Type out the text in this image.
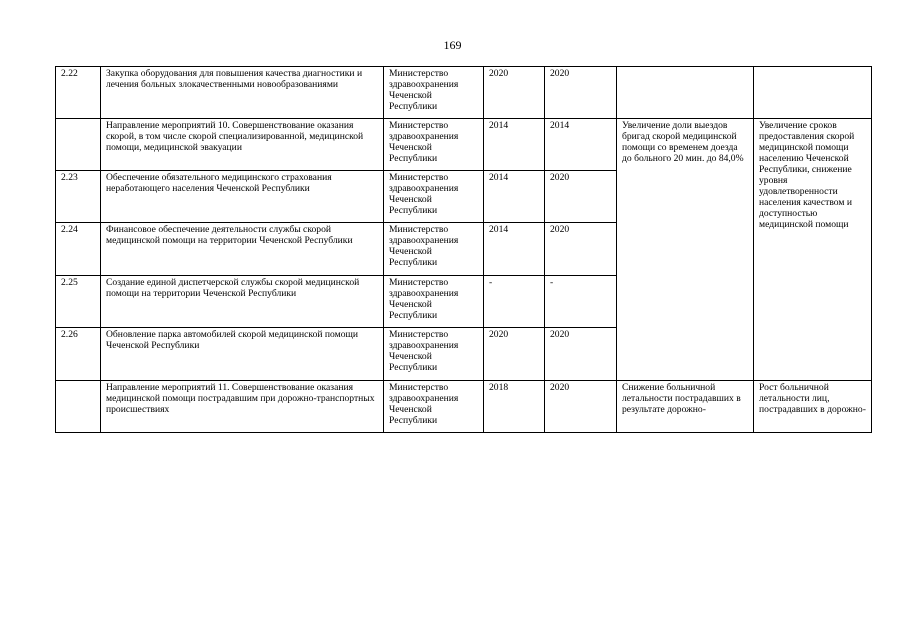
169
2.22	Закупка оборудования для повышения качества диагностики и лечения больных злокачественными новообразованиями	Министерство здравоохранения Чеченской Республики	2020	2020		
	Направление мероприятий 10. Совершенствование оказания скорой, в том числе скорой специализированной, медицинской помощи, медицинской эвакуации	Министерство здравоохранения Чеченской Республики	2014	2014	Увеличение доли выездов бригад скорой медицинской помощи со временем доезда до больного 20 мин. до 84,0%	Увеличение сроков предоставления скорой медицинской помощи населению Чеченской Республики, снижение уровня удовлетворенности населения качеством и доступностью медицинской помощи
2.23	Обеспечение обязательного медицинского страхования неработающего населения Чеченской Республики	Министерство здравоохранения Чеченской Республики	2014	2020		
2.24	Финансовое обеспечение деятельности службы скорой медицинской помощи на территории Чеченской Республики	Министерство здравоохранения Чеченской Республики	2014	2020		
2.25	Создание единой диспетчерской службы скорой медицинской помощи на территории Чеченской Республики	Министерство здравоохранения Чеченской Республики	-	-		
2.26	Обновление парка автомобилей скорой медицинской помощи Чеченской Республики	Министерство здравоохранения Чеченской Республики	2020	2020		
	Направление мероприятий 11. Совершенствование оказания медицинской помощи пострадавшим при дорожно-транспортных происшествиях	Министерство здравоохранения Чеченской Республики	2018	2020	Снижение больничной летальности пострадавших в результате дорожно-	Рост больничной летальности лиц, пострадавших в дорожно-
